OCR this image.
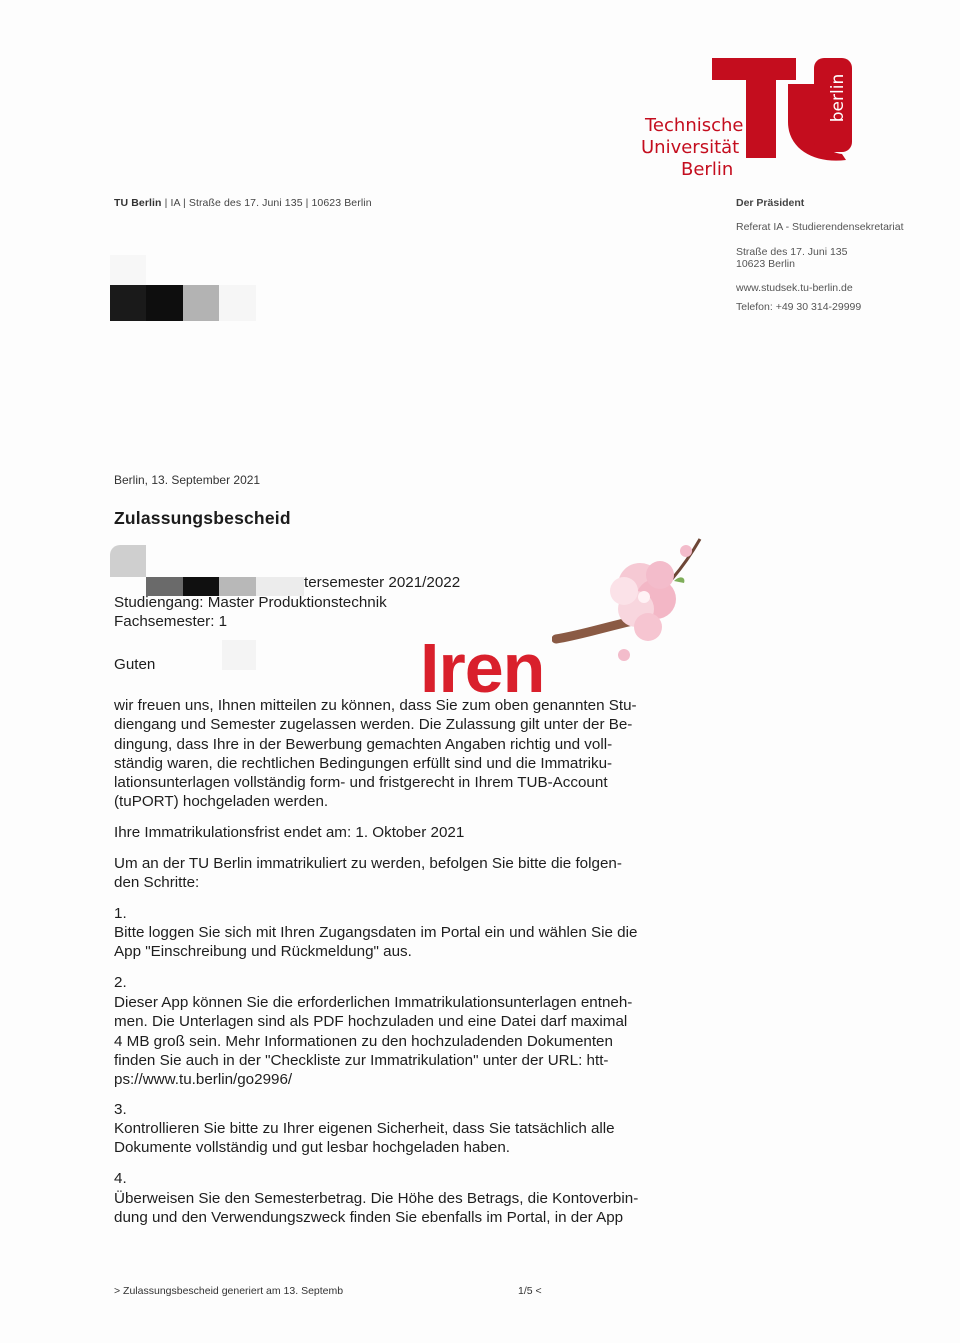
Technische
Universität
Berlin
berlin
TU Berlin | IA | Straße des 17. Juni 135 | 10623 Berlin	Der Präsident
Referat IA - Studierendensekretariat
Straße des 17. Juni 135
10623 Berlin
www.studsek.tu-berlin.de
Telefon: +49 30 314-29999
Berlin, 13. September 2021
Zulassungsbescheid
tersemester 2021/2022
Studiengang: Master Produktionstechnik
Fachsemester: 1
Guten	Iren
wir freuen uns, Ihnen mitteilen zu können, dass Sie zum oben genannten Stu-
diengang und Semester zugelassen werden. Die Zulassung gilt unter der Be-
dingung, dass Ihre in der Bewerbung gemachten Angaben richtig und voll-
ständig waren, die rechtlichen Bedingungen erfüllt sind und die Immatriku-
lationsunterlagen vollständig form- und fristgerecht in Ihrem TUB-Account
(tuPORT) hochgeladen werden.
Ihre Immatrikulationsfrist endet am: 1. Oktober 2021
Um an der TU Berlin immatrikuliert zu werden, befolgen Sie bitte die folgen-
den Schritte:
1.
Bitte loggen Sie sich mit Ihren Zugangsdaten im Portal ein und wählen Sie die
App "Einschreibung und Rückmeldung" aus.
2.
Dieser App können Sie die erforderlichen Immatrikulationsunterlagen entneh-
men. Die Unterlagen sind als PDF hochzuladen und eine Datei darf maximal
4 MB groß sein. Mehr Informationen zu den hochzuladenden Dokumenten
finden Sie auch in der "Checkliste zur Immatrikulation" unter der URL: htt-
ps://www.tu.berlin/go2996/
3.
Kontrollieren Sie bitte zu Ihrer eigenen Sicherheit, dass Sie tatsächlich alle
Dokumente vollständig und gut lesbar hochgeladen haben.
4.
Überweisen Sie den Semesterbetrag. Die Höhe des Betrags, die Kontoverbin-
dung und den Verwendungszweck finden Sie ebenfalls im Portal, in der App
> Zulassungsbescheid generiert am 13. Septemb	1/5 <
